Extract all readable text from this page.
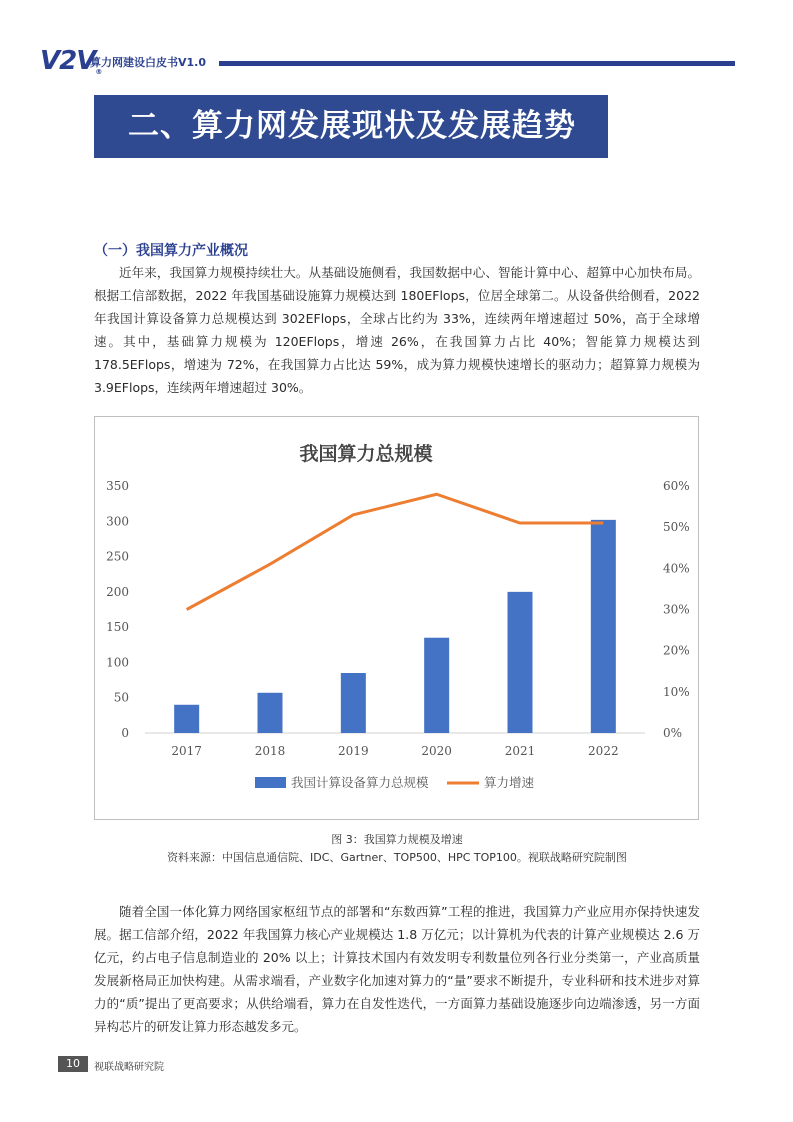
V2V®
算力网建设白皮书V1.0
二、算力网发展现状及发展趋势
（一）我国算力产业概况

近年来，我国算力规模持续壮大。从基础设施侧看，我国数据中心、智能计算中心、超算中心加快布局。根据工信部数据，2022 年我国基础设施算力规模达到 180EFlops，位居全球第二。从设备供给侧看，2022 年我国计算设备算力总规模达到 302EFlops，全球占比约为 33%，连续两年增速超过 50%，高于全球增速。其中，基础算力规模为 120EFlops，增速 26%，在我国算力占比 40%；智能算力规模达到 178.5EFlops，增速为 72%，在我国算力占比达 59%，成为算力规模快速增长的驱动力；超算算力规模为 3.9EFlops，连续两年增速超过 30%。

我国算力总规模
0
50
100
150
200
250
300
350
0%
10%
20%
30%
40%
50%
60%
2017	2018	2019	2020	2021	2022
我国计算设备算力总规模	算力增速
图 3：我国算力规模及增速
资料来源：中国信息通信院、IDC、Gartner、TOP500、HPC TOP100。视联战略研究院制图

随着全国一体化算力网络国家枢纽节点的部署和“东数西算”工程的推进，我国算力产业应用亦保持快速发展。据工信部介绍，2022 年我国算力核心产业规模达 1.8 万亿元；以计算机为代表的计算产业规模达 2.6 万亿元，约占电子信息制造业的 20% 以上；计算技术国内有效发明专利数量位列各行业分类第一，产业高质量发展新格局正加快构建。从需求端看，产业数字化加速对算力的“量”要求不断提升，专业科研和技术进步对算力的“质”提出了更高要求；从供给端看，算力在自发性迭代，一方面算力基础设施逐步向边端渗透，另一方面异构芯片的研发让算力形态越发多元。

10	视联战略研究院
